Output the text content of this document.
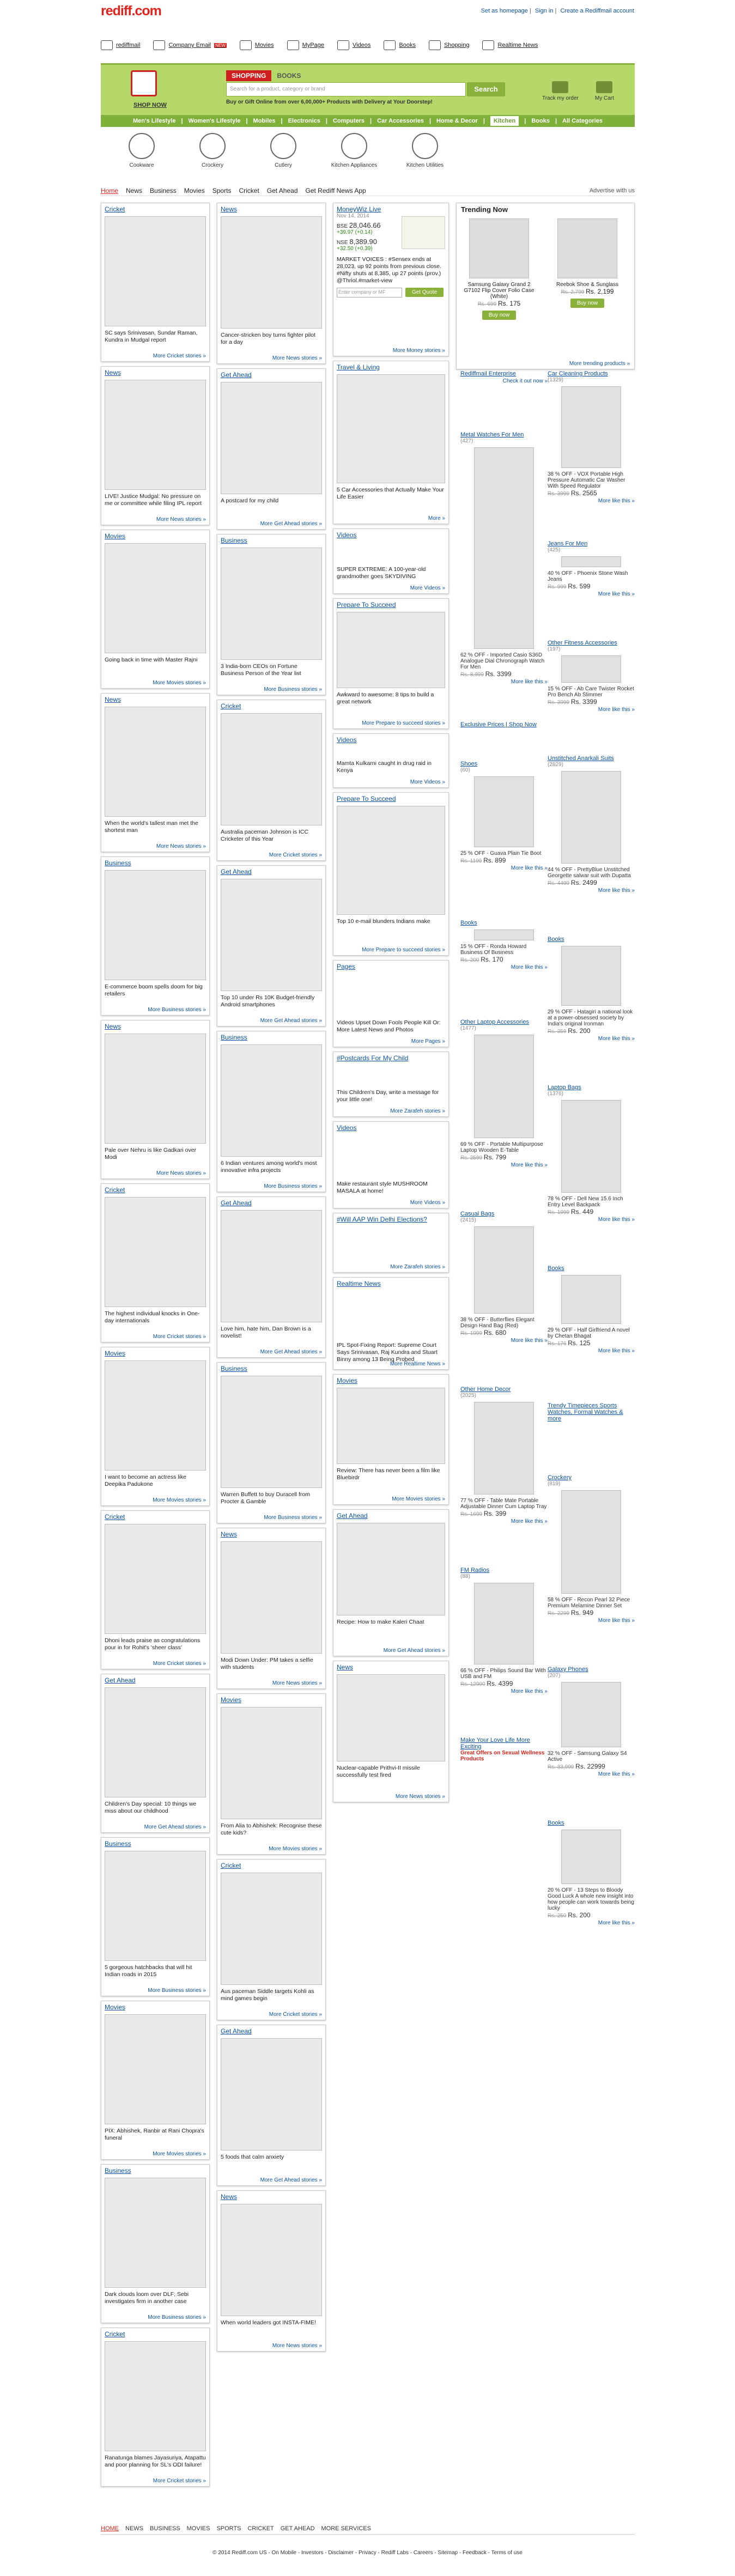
rediff.com	Set as homepage | Sign in | Create a Rediffmail account
rediffmail	Company Email NEW	Movies	MyPage	Videos	Books	Shopping	Realtime News
SHOP NOW
SHOPPING	BOOKS
Search for a product, category or brand	Search
Buy or Gift Online from over 6,00,000+ Products with Delivery at Your Doorstep!
Track my order	My Cart
Men's Lifestyle | Women's Lifestyle | Mobiles | Electronics | Computers | Car Accessories | Home & Decor |	Kitchen	| Books | All Categories
Cookware	Crockery	Cutlery	Kitchen Appliances	Kitchen Utilities
Home News Business Movies Sports Cricket Get Ahead Get Rediff News App	Advertise with us
Cricket
SC says Srinivasan, Sundar Raman, Kundra in Mudgal report
More Cricket stories »
News
LIVE! Justice Mudgal: No pressure on me or committee while filing IPL report
More News stories »
Movies
Going back in time with Master Rajni
More Movies stories »
News
When the world's tallest man met the shortest man
More News stories »
Business
E-commerce boom spells doom for big retailers
More Business stories »
News
Pale over Nehru is like Gadkari over Modi
More News stories »
Cricket
The highest individual knocks in One-day internationals
More Cricket stories »
Movies
I want to become an actress like Deepika Padukone
More Movies stories »
Cricket
Dhoni leads praise as congratulations pour in for Rohit's 'sheer class'
More Cricket stories »
Get Ahead
Children's Day special: 10 things we miss about our childhood
More Get Ahead stories »
Business
5 gorgeous hatchbacks that will hit Indian roads in 2015
More Business stories »
Movies
PIX: Abhishek, Ranbir at Rani Chopra's funeral
More Movies stories »
Business
Dark clouds loom over DLF; Sebi investigates firm in another case
More Business stories »
Cricket
Ranatunga blames Jayasuriya, Atapattu and poor planning for SL's ODI failure!
More Cricket stories »
News
Cancer-stricken boy turns fighter pilot for a day
More News stories »
Get Ahead
A postcard for my child
More Get Ahead stories »
Business
3 India-born CEOs on Fortune Business Person of the Year list
More Business stories »
Cricket
Australia paceman Johnson is ICC Cricketer of this Year
More Cricket stories »
Get Ahead
Top 10 under Rs 10K Budget-friendly Android smartphones
More Get Ahead stories »
Business
6 Indian ventures among world's most innovative infra projects
More Business stories »
Get Ahead
Love him, hate him, Dan Brown is a novelist!
More Get Ahead stories »
Business
Warren Buffett to buy Duracell from Procter & Gamble
More Business stories »
News
Modi Down Under: PM takes a selfie with students
More News stories »
Movies
From Alia to Abhishek: Recognise these cute kids?
More Movies stories »
Cricket
Aus paceman Siddle targets Kohli as mind games begin
More Cricket stories »
Get Ahead
5 foods that calm anxiety
More Get Ahead stories »
News
When world leaders got INSTA-FIME!
More News stories »
MoneyWiz Live
Nov 14, 2014
BSE 28,046.66
+39.97 (+0.14)
NSE 8,389.90
+32.50 (+0.39)
MARKET VOICES : #Sensex ends at 28,023, up 92 points from previous close. #Nifty shuts at 8,385, up 27 points (prov.) @Thriol.#market-view
Enter company or MF	Get Quote
More Money stories »
Travel & Living
5 Car Accessories that Actually Make Your Life Easier
More »
Videos
SUPER EXTREME: A 100-year-old grandmother goes SKYDIVING
More Videos »
Prepare To Succeed
Awkward to awesome: 8 tips to build a great network
More Prepare to succeed stories »
Videos
Mamta Kulkarni caught in drug raid in Kenya
More Videos »
Prepare To Succeed
Top 10 e-mail blunders Indians make
More Prepare to succeed stories »
Pages
Videos Upset Down Fools People Kill Or: More Latest News and Photos
More Pages »
#Postcards For My Child
This Children's Day, write a message for your little one!
More Zarafeh stories »
Videos
Make restaurant style MUSHROOM MASALA at home!
More Videos »
#Will AAP Win Delhi Elections?
More Zarafeh stories »
Realtime News
IPL Spot-Fixing Report: Supreme Court Says Srinivasan, Raj Kundra and Stuart Binny among 13 Being Probed
More Realtime News »
Movies
Review: There has never been a film like Bluebirdr
More Movies stories »
Get Ahead
Recipe: How to make Kaleri Chaat
More Get Ahead stories »
News
Nuclear-capable Prithvi-II missile successfully test fired
More News stories »
Trending Now
Samsung Galaxy Grand 2 G7102 Flip Cover Folio Case (White)
Rs. 699 Rs. 175
Buy now
Reebok Shoe & Sunglass
Rs. 2,799 Rs. 2,199
Buy now
More trending products »
Rediffmail Enterprise
Check it out now »
Metal Watches For Men
(427)
62 % OFF - Imported Casio S36D Analogue Dial Chronograph Watch For Men
Rs. 8,999 Rs. 3399
More like this »
Exclusive Prices | Shop Now
Shoes
(60)
25 % OFF - Guava Plain Tie Boot
Rs. 1199 Rs. 899
More like this »
Books
15 % OFF - Ronda Howard Business Of Business
Rs. 200 Rs. 170
More like this »
Other Laptop Accessories
(1477)
69 % OFF - Portable Multipurpose Laptop Wooden E-Table
Rs. 2599 Rs. 799
More like this »
Casual Bags
(2415)
38 % OFF - Butterflies Elegant Design Hand Bag (Red)
Rs. 1099 Rs. 680
More like this »
Other Home Decor
(2025)
77 % OFF - Table Mate Portable Adjustable Dinner Cum Laptop Tray
Rs. 1699 Rs. 399
More like this »
FM Radios
(88)
66 % OFF - Philips Sound Bar With USB and FM
Rs. 12990 Rs. 4399
More like this »
Make Your Love Life More Exciting
Great Offers on Sexual Wellness Products
Car Cleaning Products
(1329)
38 % OFF - VOX Portable High Pressure Automatic Car Washer With Speed Regulator
Rs. 3999 Rs. 2565
More like this »
Jeans For Men
(425)
40 % OFF - Phoenix Stone Wash Jeans
Rs. 999 Rs. 599
More like this »
Other Fitness Accessories
(197)
15 % OFF - Ab Care Twister Rocket Pro Bench Ab Slimmer
Rs. 3999 Rs. 3399
More like this »
Unstitched Anarkali Suits
(2829)
44 % OFF - PrettyBlue Unstitched Georgette salwar suit with Dupatta
Rs. 4499 Rs. 2499
More like this »
Books
29 % OFF - Hatagiri a national look at a power-obsessed society by India's original Ironman
Rs. 359 Rs. 200
More like this »
Laptop Bags
(1376)
78 % OFF - Dell New 15.6 Inch Entry Level Backpack
Rs. 1999 Rs. 449
More like this »
Books
29 % OFF - Half Girlfriend A novel by Chetan Bhagat
Rs. 176 Rs. 125
More like this »
Trendy Timepieces Sports Watches, Formal Watches & more
Crockery
(819)
58 % OFF - Recon Pearl 32 Piece Premium Melamine Dinner Set
Rs. 2299 Rs. 949
More like this »
Galaxy Phones
(207)
32 % OFF - Samsung Galaxy S4 Active
Rs. 33,999 Rs. 22999
More like this »
Books
20 % OFF - 13 Steps to Bloody Good Luck A whole new insight into how people can work towards being lucky
Rs. 250 Rs. 200
More like this »
HOME NEWS BUSINESS MOVIES SPORTS CRICKET GET AHEAD MORE SERVICES
© 2014 Rediff.com US - On Mobile - Investors - Disclaimer - Privacy - Rediff Labs - Careers - Sitemap - Feedback - Terms of use
